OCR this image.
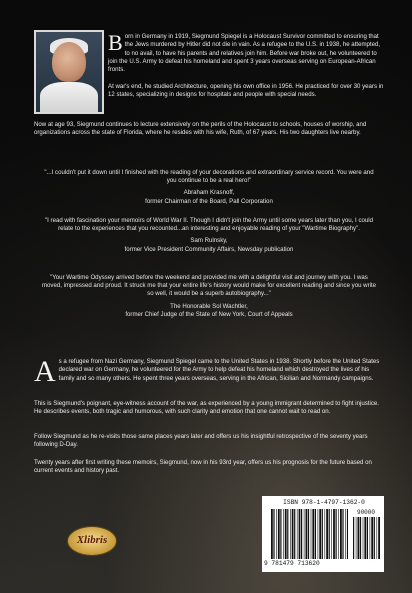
B orn in Germany in 1919, Siegmund Spiegel is a Holocaust Survivor committed to ensuring that the Jews murdered by Hitler did not die in vain. As a refugee to the U.S. in 1938, he attempted, to no avail, to have his parents and relatives join him. Before war broke out, he volunteered to join the U.S. Army to defeat his homeland and spent 3 years overseas serving on European-African fronts.
At war's end, he studied Architecture, opening his own office in 1956. He practiced for over 30 years in 12 states, specializing in designs for hospitals and people with special needs.
Now at age 93, Siegmund continues to lecture extensively on the perils of the Holocaust to schools, houses of worship, and organizations across the state of Florida, where he resides with his wife, Ruth, of 67 years. His two daughters live nearby.
"...I couldn't put it down until I finished with the reading of your decorations and extraordinary service record. You were and you continue to be a real hero!"
Abraham Krasnoff,
former Chairman of the Board, Pall Corporation
"I read with fascination your memoirs of World War II. Though I didn't join the Army until some years later than you, I could relate to the experiences that you recounted...an interesting and enjoyable reading of your "Wartime Biography".
Sam Rulnsky,
former Vice President Community Affairs, Newsday publication
"Your Wartime Odyssey arrived before the weekend and provided me with a delightful visit and journey with you. I was moved, impressed and proud. It struck me that your entire life's history would make for excellent reading and since you write so well, it would be a superb autobiography..."
The Honorable Sol Wachtler,
former Chief Judge of the State of New York, Court of Appeals
A s a refugee from Nazi Germany, Siegmund Spiegel came to the United States in 1938. Shortly before the United States declared war on Germany, he volunteered for the Army to help defeat his homeland which destroyed the lives of his family and so many others. He spent three years overseas, serving in the African, Sicilian and Normandy campaigns.
This is Siegmund's poignant, eye-witness account of the war, as experienced by a young immigrant determined to fight injustice. He describes events, both tragic and humorous, with such clarity and emotion that one cannot wait to read on.
Follow Siegmund as he re-visits those same places years later and offers us his insightful retrospective of the seventy years following D-Day.
Twenty years after first writing these memoirs, Siegmund, now in his 93rd year, offers us his prognosis for the future based on current events and history past.
Xlibris
ISBN 978-1-4797-1362-0
90000
9 781479 713620
